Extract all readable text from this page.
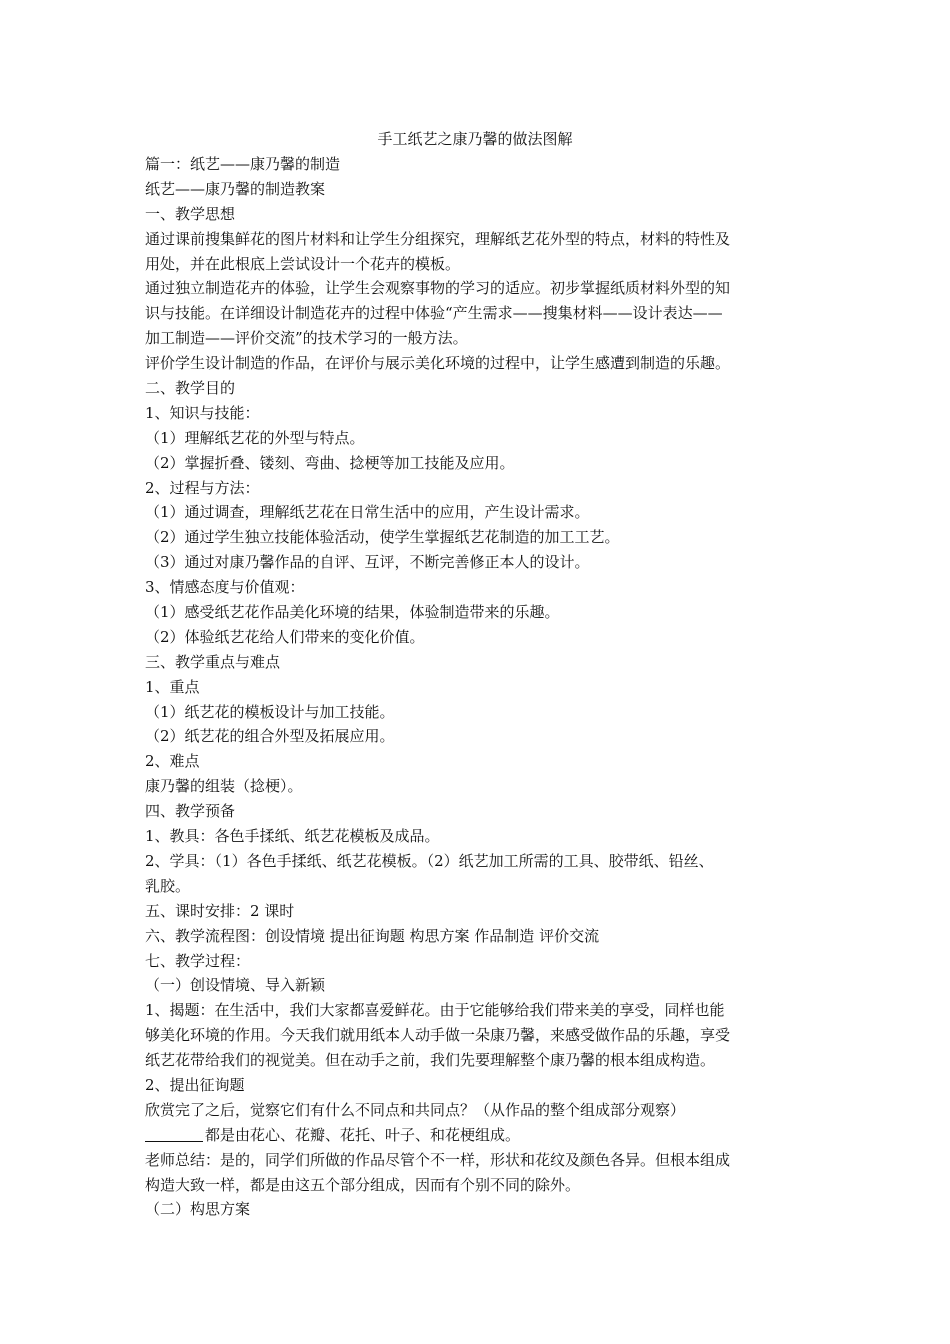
手工纸艺之康乃馨的做法图解
篇一：纸艺——康乃馨的制造
纸艺——康乃馨的制造教案
一、教学思想
通过课前搜集鲜花的图片材料和让学生分组探究，理解纸艺花外型的特点，材料的特性及
用处，并在此根底上尝试设计一个花卉的模板。
通过独立制造花卉的体验，让学生会观察事物的学习的适应。初步掌握纸质材料外型的知
识与技能。在详细设计制造花卉的过程中体验“产生需求——搜集材料——设计表达——
加工制造——评价交流”的技术学习的一般方法。
评价学生设计制造的作品，在评价与展示美化环境的过程中，让学生感遭到制造的乐趣。
二、教学目的
1、知识与技能：
（1）理解纸艺花的外型与特点。
（2）掌握折叠、镂刻、弯曲、捻梗等加工技能及应用。
2、过程与方法：
（1）通过调查，理解纸艺花在日常生活中的应用，产生设计需求。
（2）通过学生独立技能体验活动，使学生掌握纸艺花制造的加工工艺。
（3）通过对康乃馨作品的自评、互评，不断完善修正本人的设计。
3、情感态度与价值观：
（1）感受纸艺花作品美化环境的结果，体验制造带来的乐趣。
（2）体验纸艺花给人们带来的变化价值。
三、教学重点与难点
1、重点
（1）纸艺花的模板设计与加工技能。
（2）纸艺花的组合外型及拓展应用。
2、难点
康乃馨的组装（捻梗）。
四、教学预备
1、教具：各色手揉纸、纸艺花模板及成品。
2、学具：（1）各色手揉纸、纸艺花模板。（2）纸艺加工所需的工具、胶带纸、铅丝、
乳胶。
五、课时安排：2 课时
六、教学流程图：创设情境 提出征询题 构思方案 作品制造 评价交流
七、教学过程：
（一）创设情境、导入新颖
1、揭题：在生活中，我们大家都喜爱鲜花。由于它能够给我们带来美的享受，同样也能
够美化环境的作用。今天我们就用纸本人动手做一朵康乃馨，来感受做作品的乐趣，享受
纸艺花带给我们的视觉美。但在动手之前，我们先要理解整个康乃馨的根本组成构造。
2、提出征询题
欣赏完了之后，觉察它们有什么不同点和共同点？（从作品的整个组成部分观察）
都是由花心、花瓣、花托、叶子、和花梗组成。
老师总结：是的，同学们所做的作品尽管个不一样，形状和花纹及颜色各异。但根本组成
构造大致一样，都是由这五个部分组成，因而有个别不同的除外。
（二）构思方案
